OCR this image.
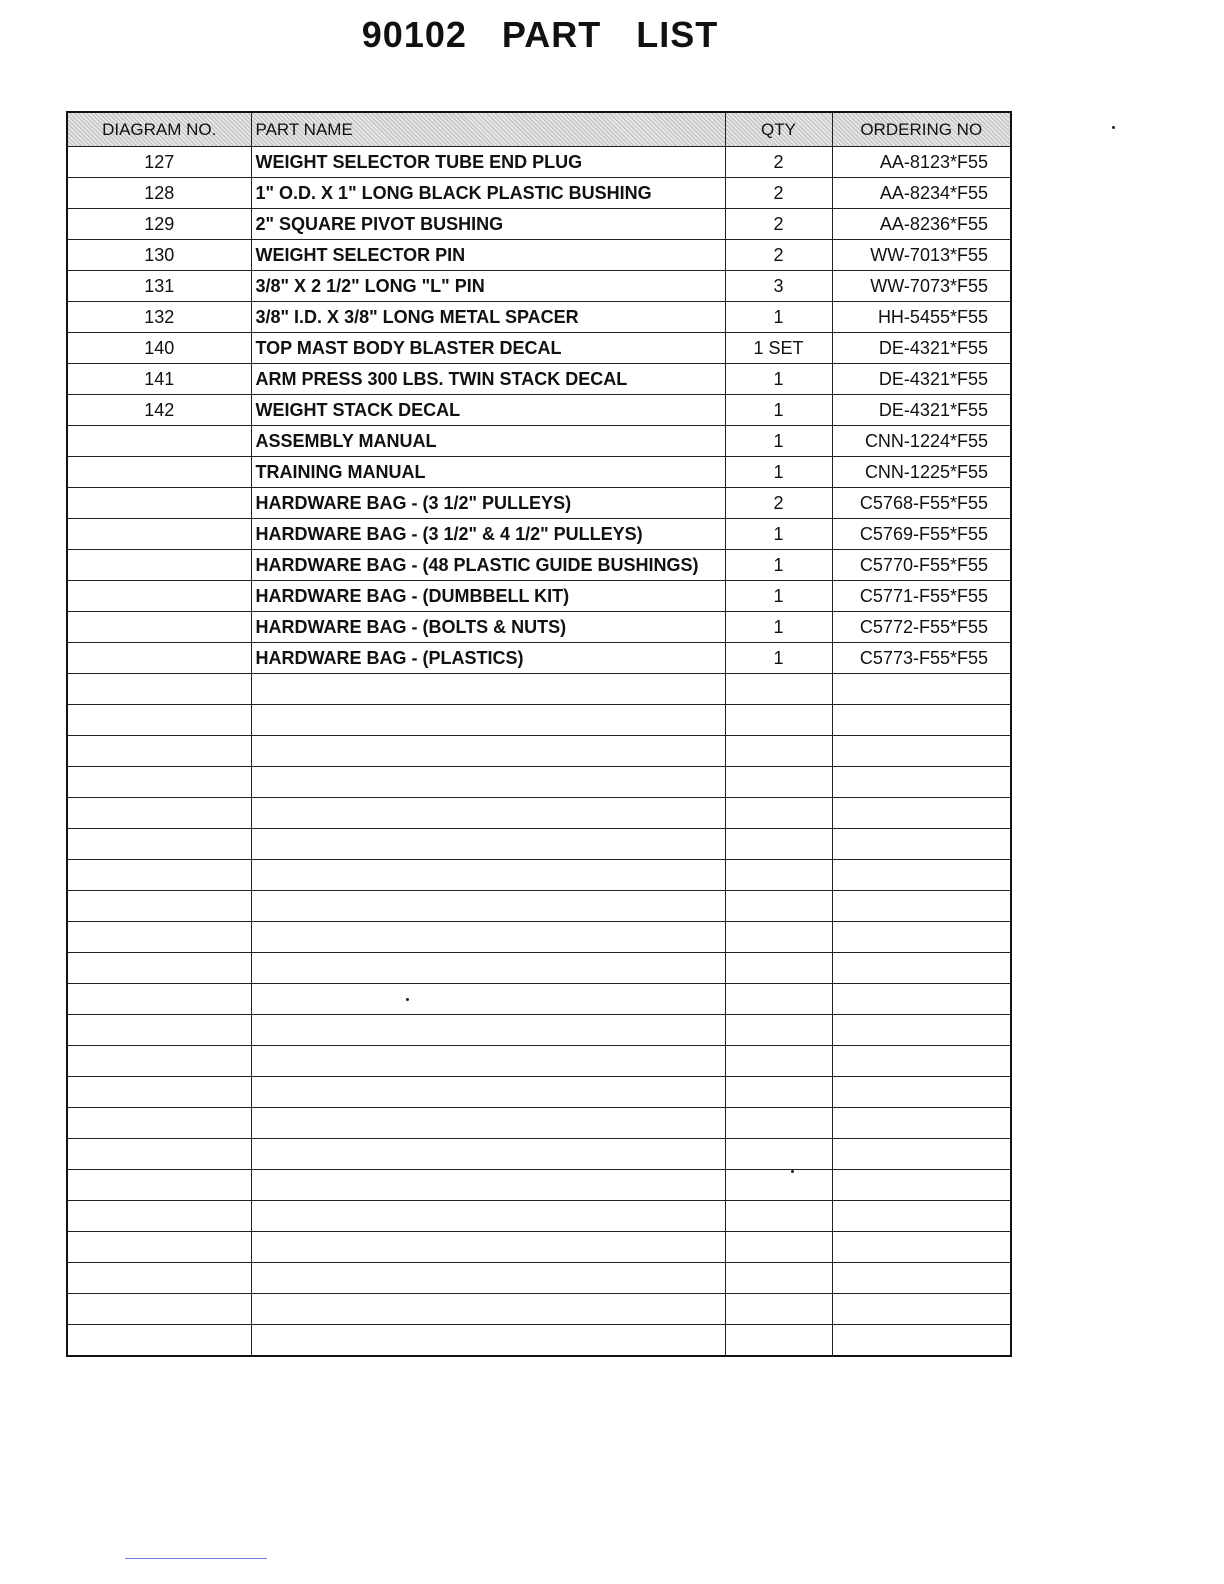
90102 PART LIST
DIAGRAM NO.	PART NAME	QTY	ORDERING NO
127	WEIGHT SELECTOR TUBE END PLUG	2	AA-8123*F55
128	1" O.D. X 1" LONG BLACK PLASTIC BUSHING	2	AA-8234*F55
129	2" SQUARE PIVOT BUSHING	2	AA-8236*F55
130	WEIGHT SELECTOR PIN	2	WW-7013*F55
131	3/8" X 2 1/2" LONG "L" PIN	3	WW-7073*F55
132	3/8" I.D. X 3/8" LONG METAL SPACER	1	HH-5455*F55
140	TOP MAST BODY BLASTER DECAL	1 SET	DE-4321*F55
141	ARM PRESS 300 LBS. TWIN STACK DECAL	1	DE-4321*F55
142	WEIGHT STACK DECAL	1	DE-4321*F55
	ASSEMBLY MANUAL	1	CNN-1224*F55
	TRAINING MANUAL	1	CNN-1225*F55
	HARDWARE BAG - (3 1/2" PULLEYS)	2	C5768-F55*F55
	HARDWARE BAG - (3 1/2" & 4 1/2" PULLEYS)	1	C5769-F55*F55
	HARDWARE BAG - (48 PLASTIC GUIDE BUSHINGS)	1	C5770-F55*F55
	HARDWARE BAG - (DUMBBELL KIT)	1	C5771-F55*F55
	HARDWARE BAG - (BOLTS & NUTS)	1	C5772-F55*F55
	HARDWARE BAG - (PLASTICS)	1	C5773-F55*F55
